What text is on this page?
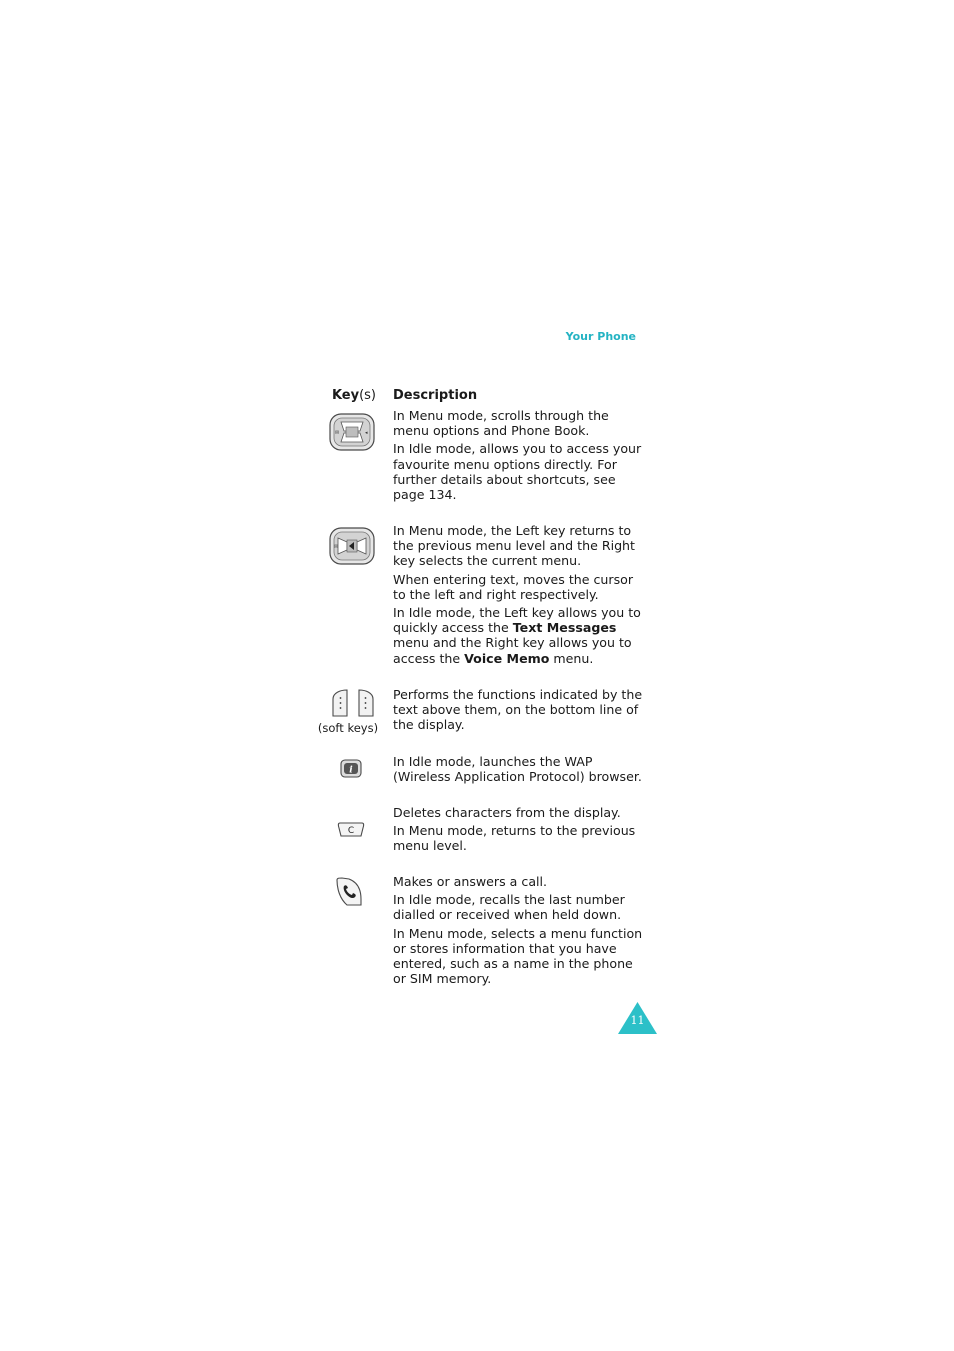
Your Phone
Key(s) Description
✉	◂

In Menu mode, scrolls through the menu options and Phone Book.

In Idle mode, allows you to access your favourite menu options directly. For further details about shortcuts, see page 134.

✉

In Menu mode, the Left key returns to the previous menu level and the Right key selects the current menu.

When entering text, moves the cursor to the left and right respectively.

In Idle mode, the Left key allows you to quickly access the Text Messages menu and the Right key allows you to access the Voice Memo menu.

(soft keys)

Performs the functions indicated by the text above them, on the bottom line of the display.

i

In Idle mode, launches the WAP (Wireless Application Protocol) browser.

C

Deletes characters from the display.

In Menu mode, returns to the previous menu level.

Makes or answers a call.

In Idle mode, recalls the last number dialled or received when held down.

In Menu mode, selects a menu function or stores information that you have entered, such as a name in the phone or SIM memory.

11
